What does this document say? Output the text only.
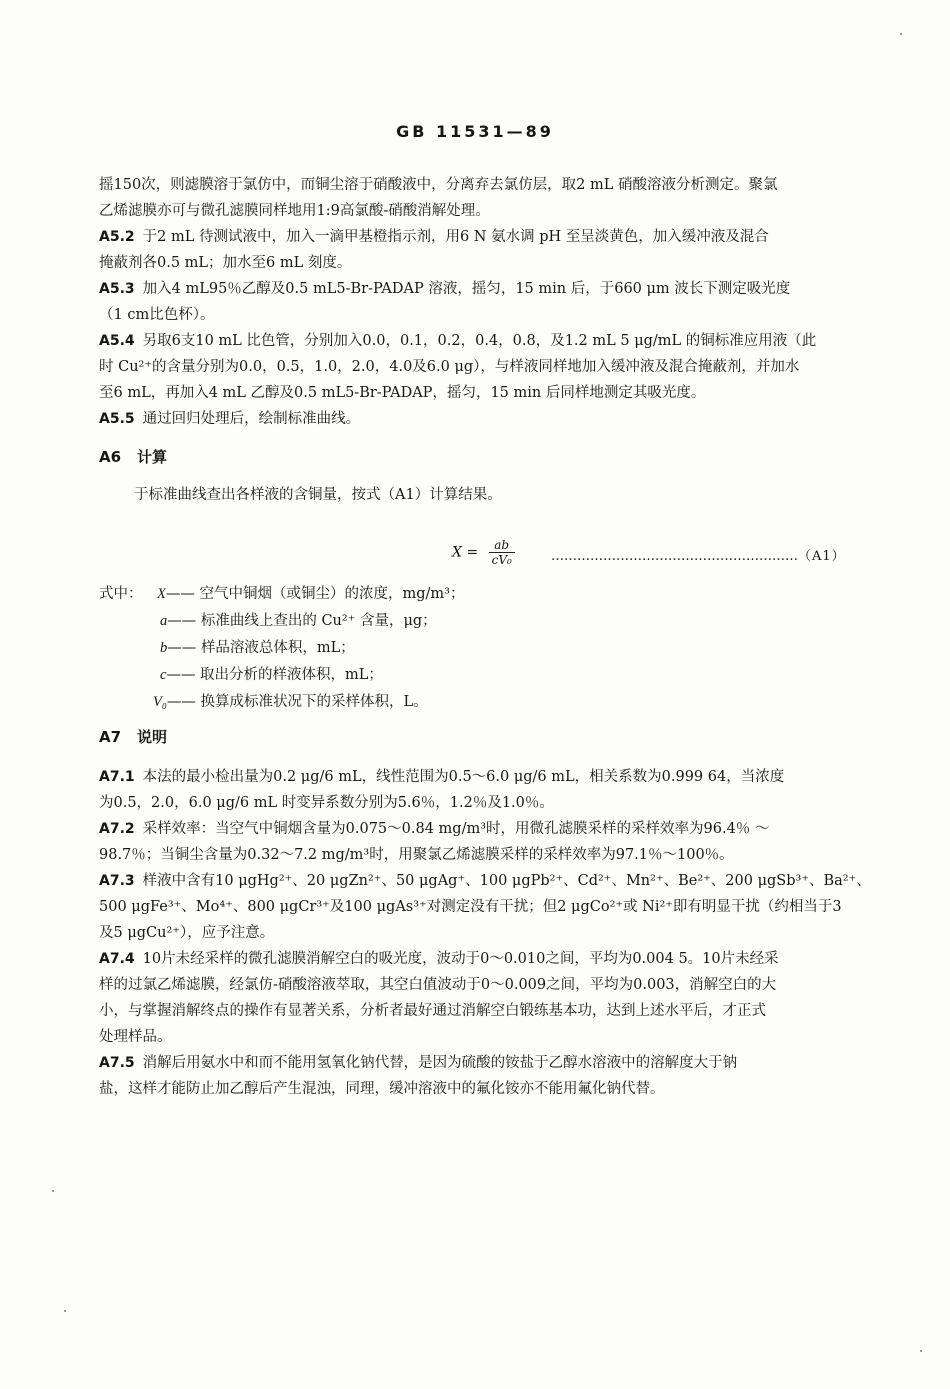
GB 11531—89
摇150次，则滤膜溶于氯仿中，而铜尘溶于硝酸液中，分离弃去氯仿层，取2 mL 硝酸溶液分析测定。聚氯
乙烯滤膜亦可与微孔滤膜同样地用1:9高氯酸-硝酸消解处理。
A5.2 于2 mL 待测试液中，加入一滴甲基橙指示剂，用6 N 氨水调 pH 至呈淡黄色，加入缓冲液及混合
掩蔽剂各0.5 mL；加水至6 mL 刻度。
A5.3 加入4 mL95％乙醇及0.5 mL5-Br-PADAP 溶液，摇匀，15 min 后，于660 μm 波长下测定吸光度
（1 cm比色杯）。
A5.4 另取6支10 mL 比色管，分别加入0.0，0.1，0.2，0.4，0.8，及1.2 mL 5 μg/mL 的铜标准应用液（此
时 Cu²⁺的含量分别为0.0，0.5，1.0，2.0，4.0及6.0 μg），与样液同样地加入缓冲液及混合掩蔽剂，并加水
至6 mL，再加入4 mL 乙醇及0.5 mL5-Br-PADAP，摇匀，15 min 后同样地测定其吸光度。
A5.5 通过回归处理后，绘制标准曲线。
A6 计算
于标准曲线查出各样液的含铜量，按式（A1）计算结果。
$X = \frac{ab}{\text{cV₀}}$	…………………………………………………（A1）
式中： X—— 空气中铜烟（或铜尘）的浓度，mg/m³；
a—— 标准曲线上查出的 Cu²⁺ 含量，μg；
b—— 样品溶液总体积，mL；
c—— 取出分析的样液体积，mL；
V₀—— 换算成标准状况下的采样体积，L。
A7 说明
A7.1 本法的最小检出量为0.2 μg/6 mL，线性范围为0.5～6.0 μg/6 mL，相关系数为0.999 64，当浓度
为0.5，2.0，6.0 μg/6 mL 时变异系数分别为5.6％，1.2％及1.0％。
A7.2 采样效率：当空气中铜烟含量为0.075～0.84 mg/m³时，用微孔滤膜采样的采样效率为96.4％ ～
98.7％；当铜尘含量为0.32～7.2 mg/m³时，用聚氯乙烯滤膜采样的采样效率为97.1％～100％。
A7.3 样液中含有10 μgHg²⁺、20 μgZn²⁺、50 μgAg⁺、100 μgPb²⁺、Cd²⁺、Mn²⁺、Be²⁺、200 μgSb³⁺、Ba²⁺、
500 μgFe³⁺、Mo⁴⁺、800 μgCr³⁺及100 μgAs³⁺对测定没有干扰；但2 μgCo²⁺或 Ni²⁺即有明显干扰（约相当于3
及5 μgCu²⁺），应予注意。
A7.4 10片未经采样的微孔滤膜消解空白的吸光度，波动于0～0.010之间，平均为0.004 5。10片未经采
样的过氯乙烯滤膜，经氯仿-硝酸溶液萃取，其空白值波动于0～0.009之间，平均为0.003，消解空白的大
小，与掌握消解终点的操作有显著关系，分析者最好通过消解空白锻练基本功，达到上述水平后，才正式
处理样品。
A7.5 消解后用氨水中和而不能用氢氧化钠代替，是因为硫酸的铵盐于乙醇水溶液中的溶解度大于钠
盐，这样才能防止加乙醇后产生混浊，同理，缓冲溶液中的氟化铵亦不能用氟化钠代替。
